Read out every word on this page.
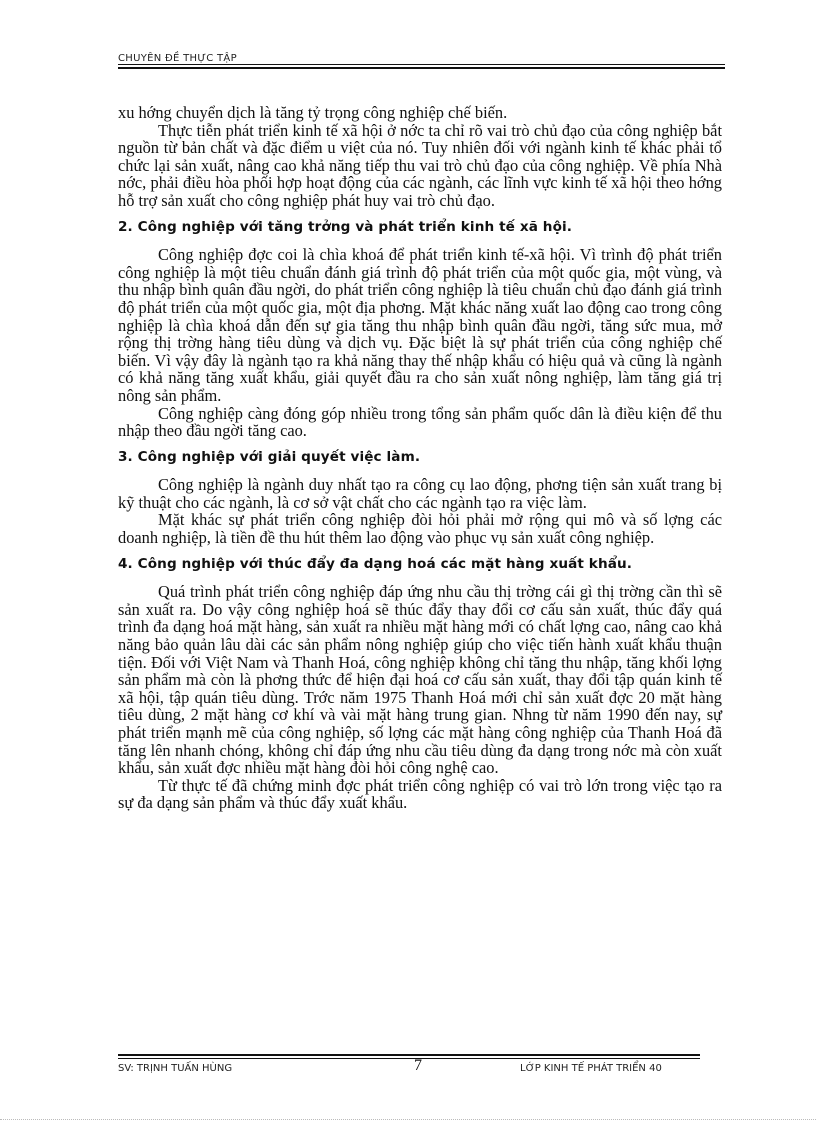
CHUYÊN ĐỀ THỰC TẬP

xu hớng chuyển dịch là tăng tỷ trọng công nghiệp chế biến.

Thực tiễn phát triển kinh tế xã hội ở nớc ta chỉ rõ vai trò chủ đạo của công nghiệp bắt nguồn từ bản chất và đặc điểm u việt của nó. Tuy nhiên đối với ngành kinh tế khác phải tổ chức lại sản xuất, nâng cao khả năng tiếp thu vai trò chủ đạo của công nghiệp. Về phía Nhà nớc, phải điều hòa phối hợp hoạt động của các ngành, các lĩnh vực kinh tế xã hội theo hớng hỗ trợ sản xuất cho công nghiệp phát huy vai trò chủ đạo.

2. Công nghiệp với tăng trởng và phát triển kinh tế xã hội.

Công nghiệp đợc coi là chìa khoá để phát triển kinh tế-xã hội. Vì trình độ phát triển công nghiệp là một tiêu chuẩn đánh giá trình độ phát triển của một quốc gia, một vùng, và thu nhập bình quân đầu ngời, do phát triển công nghiệp là tiêu chuẩn chủ đạo đánh giá trình độ phát triển của một quốc gia, một địa phơng. Mặt khác năng xuất lao động cao trong công nghiệp là chìa khoá dẫn đến sự gia tăng thu nhập bình quân đầu ngời, tăng sức mua, mở rộng thị trờng hàng tiêu dùng và dịch vụ. Đặc biệt là sự phát triển của công nghiệp chế biến. Vì vậy đây là ngành tạo ra khả năng thay thế nhập khẩu có hiệu quả và cũng là ngành có khả năng tăng xuất khẩu, giải quyết đầu ra cho sản xuất nông nghiệp, làm tăng giá trị nông sản phẩm.

Công nghiệp càng đóng góp nhiều trong tổng sản phẩm quốc dân là điều kiện để thu nhập theo đầu ngời tăng cao.

3. Công nghiệp với giải quyết việc làm.

Công nghiệp là ngành duy nhất tạo ra công cụ lao động, phơng tiện sản xuất trang bị kỹ thuật cho các ngành, là cơ sở vật chất cho các ngành tạo ra việc làm.

Mặt khác sự phát triển công nghiệp đòi hỏi phải mở rộng qui mô và số lợng các doanh nghiệp, là tiền đề thu hút thêm lao động vào phục vụ sản xuất công nghiệp.

4. Công nghiệp với thúc đẩy đa dạng hoá các mặt hàng xuất khẩu.

Quá trình phát triển công nghiệp đáp ứng nhu cầu thị trờng cái gì thị trờng cần thì sẽ sản xuất ra. Do vậy công nghiệp hoá sẽ thúc đẩy thay đổi cơ cấu sản xuất, thúc đẩy quá trình đa dạng hoá mặt hàng, sản xuất ra nhiều mặt hàng mới có chất lợng cao, nâng cao khả năng bảo quản lâu dài các sản phẩm nông nghiệp giúp cho việc tiến hành xuất khẩu thuận tiện. Đối với Việt Nam và Thanh Hoá, công nghiệp không chỉ tăng thu nhập, tăng khối lợng sản phẩm mà còn là phơng thức để hiện đại hoá cơ cấu sản xuất, thay đổi tập quán kinh tế xã hội, tập quán tiêu dùng. Trớc năm 1975 Thanh Hoá mới chỉ sản xuất đợc 20 mặt hàng tiêu dùng, 2 mặt hàng cơ khí và vài mặt hàng trung gian. Nhng từ năm 1990 đến nay, sự phát triển mạnh mẽ của công nghiệp, số lợng các mặt hàng công nghiệp của Thanh Hoá đã tăng lên nhanh chóng, không chỉ đáp ứng nhu cầu tiêu dùng đa dạng trong nớc mà còn xuất khẩu, sản xuất đợc nhiều mặt hàng đòi hỏi công nghệ cao.

Từ thực tế đã chứng minh đợc phát triển công nghiệp có vai trò lớn trong việc tạo ra sự đa dạng sản phẩm và thúc đẩy xuất khẩu.

SV: TRỊNH TUẤN HÙNG	7	LỚP KINH TẾ PHÁT TRIỂN 40
